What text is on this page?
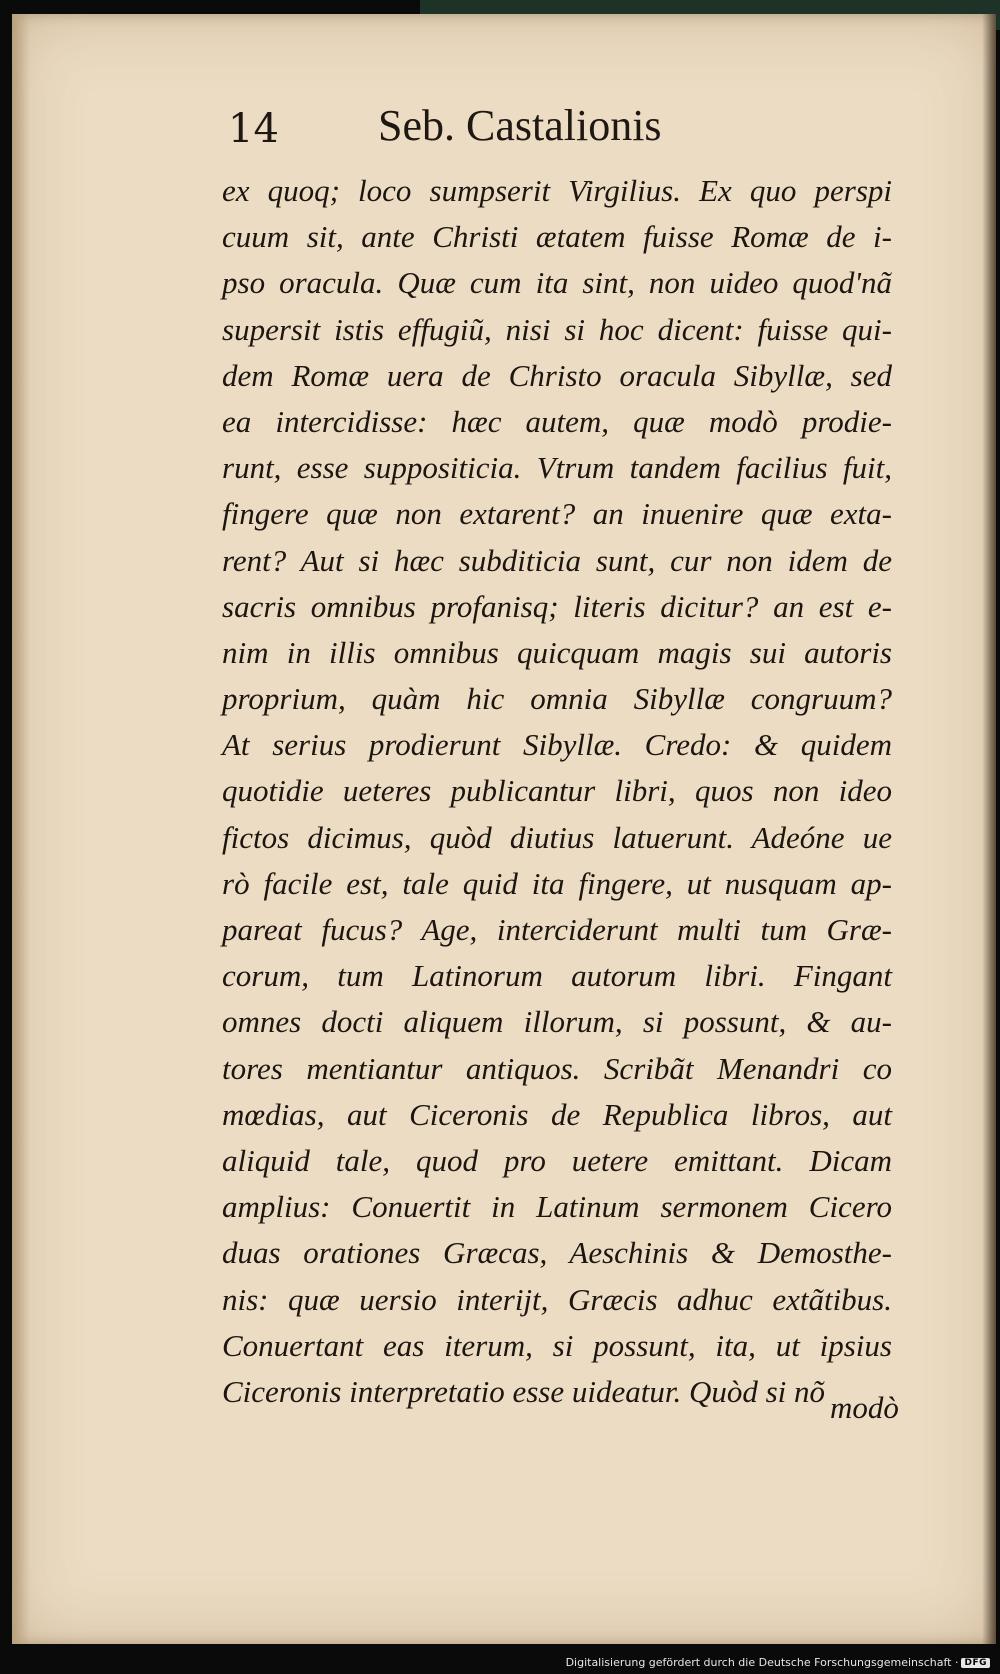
14 Seb. Castalionis
ex quoq; loco sumpserit Virgilius. Ex quo perspi
cuum sit, ante Christi ætatem fuisse Romæ de i-
pso oracula. Quæ cum ita sint, non uideo quod'nã
supersit istis effugiũ, nisi si hoc dicent: fuisse qui-
dem Romæ uera de Christo oracula Sibyllæ, sed
ea intercidisse: hæc autem, quæ modò prodie-
runt, esse suppositicia. Vtrum tandem facilius fuit,
fingere quæ non extarent? an inuenire quæ exta-
rent? Aut si hæc subditicia sunt, cur non idem de
sacris omnibus profanisq; literis dicitur? an est e-
nim in illis omnibus quicquam magis sui autoris
proprium, quàm hic omnia Sibyllæ congruum?
At serius prodierunt Sibyllæ. Credo: & quidem
quotidie ueteres publicantur libri, quos non ideo
fictos dicimus, quòd diutius latuerunt. Adeóne ue
rò facile est, tale quid ita fingere, ut nusquam ap-
pareat fucus? Age, interciderunt multi tum Græ-
corum, tum Latinorum autorum libri. Fingant
omnes docti aliquem illorum, si possunt, & au-
tores mentiantur antiquos. Scribãt Menandri co
mœdias, aut Ciceronis de Republica libros, aut
aliquid tale, quod pro uetere emittant. Dicam
amplius: Conuertit in Latinum sermonem Cicero
duas orationes Græcas, Aeschinis & Demosthe-
nis: quæ uersio interijt, Græcis adhuc extãtibus.
Conuertant eas iterum, si possunt, ita, ut ipsius
Ciceronis interpretatio esse uideatur. Quòd si nõ modò
Digitalisierung gefördert durch die Deutsche Forschungsgemeinschaft · DFG
